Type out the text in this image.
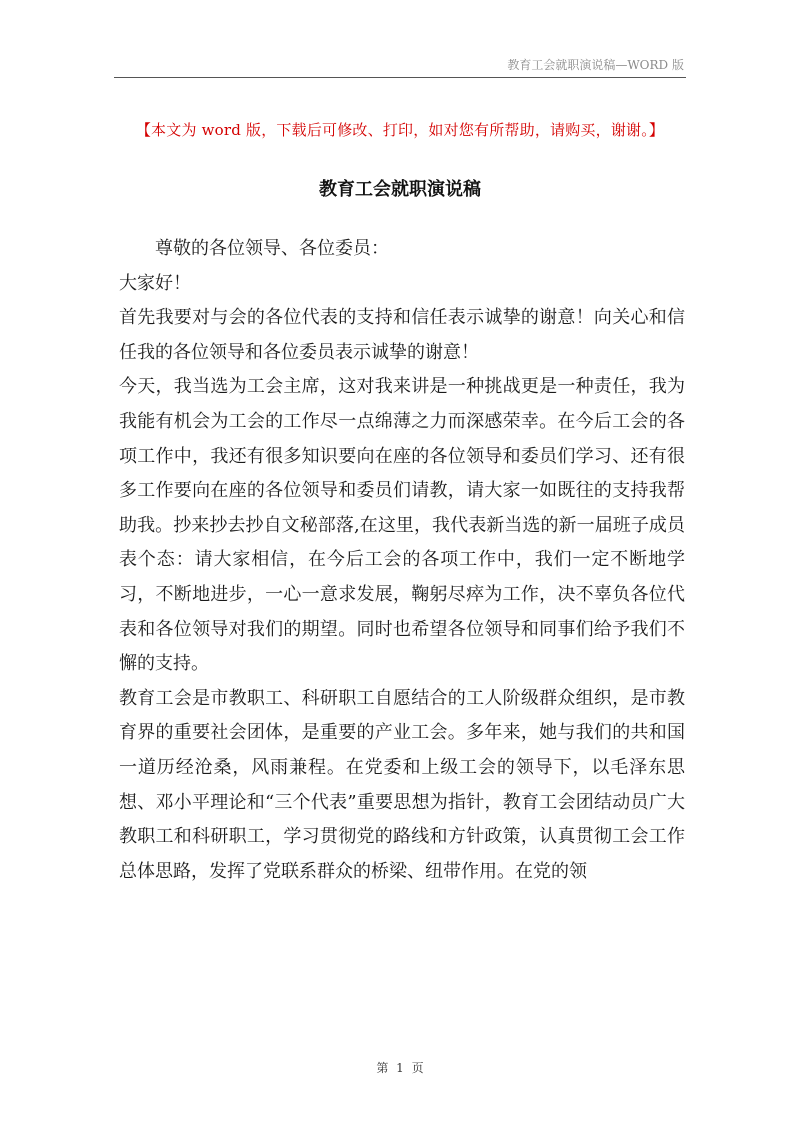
教育工会就职演说稿—WORD 版
【本文为 word 版，下载后可修改、打印，如对您有所帮助，请购买，谢谢。】
教育工会就职演说稿

尊敬的各位领导、各位委员：

大家好！

首先我要对与会的各位代表的支持和信任表示诚挚的谢意！向关心和信任我的各位领导和各位委员表示诚挚的谢意！

今天，我当选为工会主席，这对我来讲是一种挑战更是一种责任，我为我能有机会为工会的工作尽一点绵薄之力而深感荣幸。在今后工会的各项工作中，我还有很多知识要向在座的各位领导和委员们学习、还有很多工作要向在座的各位领导和委员们请教，请大家一如既往的支持我帮助我。抄来抄去抄自文秘部落,在这里，我代表新当选的新一届班子成员表个态：请大家相信，在今后工会的各项工作中，我们一定不断地学习，不断地进步，一心一意求发展，鞠躬尽瘁为工作，决不辜负各位代表和各位领导对我们的期望。同时也希望各位领导和同事们给予我们不懈的支持。

教育工会是市教职工、科研职工自愿结合的工人阶级群众组织，是市教育界的重要社会团体，是重要的产业工会。多年来，她与我们的共和国一道历经沧桑，风雨兼程。在党委和上级工会的领导下，以毛泽东思想、邓小平理论和“三个代表”重要思想为指针，教育工会团结动员广大教职工和科研职工，学习贯彻党的路线和方针政策，认真贯彻工会工作总体思路，发挥了党联系群众的桥梁、纽带作用。在党的领

第 1 页
